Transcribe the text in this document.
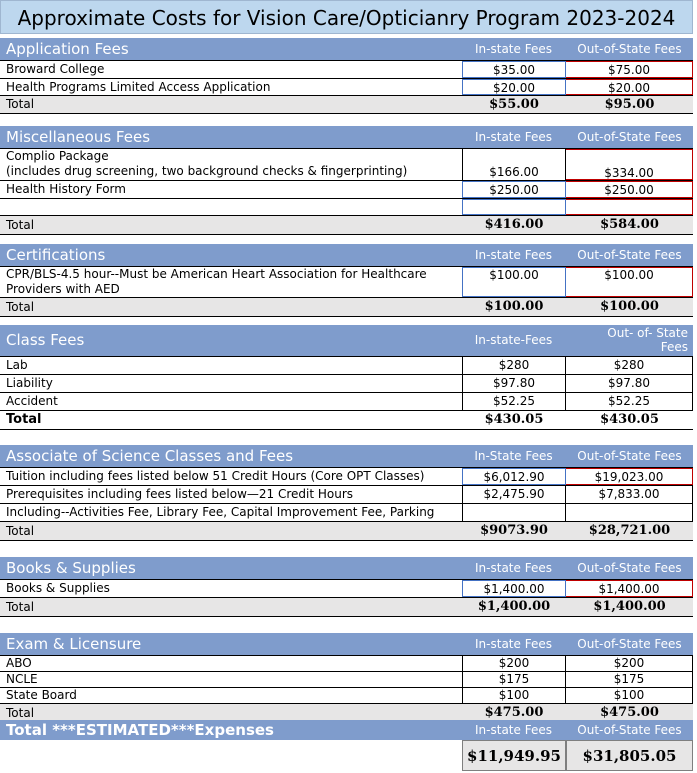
Approximate Costs for Vision Care/Opticianry Program 2023-2024
Application Fees	In-state Fees	Out-of-State Fees
Broward College	$35.00	$75.00
Health Programs Limited Access Application	$20.00	$20.00
Total	$55.00	$95.00
Miscellaneous Fees	In-state Fees	Out-of-State Fees
Complio Package
(includes drug screening, two background checks & fingerprinting)	$166.00	$334.00
Health History Form	$250.00	$250.00
Total	$416.00	$584.00
Certifications	In-state Fees	Out-of-State Fees
CPR/BLS-4.5 hour--Must be American Heart Association for Healthcare
Providers with AED
$100.00	$100.00
Total	$100.00	$100.00
Class Fees	In-state-Fees	Out- of- State
Fees
Lab	$280	$280
Liability	$97.80	$97.80
Accident	$52.25	$52.25
Total	$430.05	$430.05
Associate of Science Classes and Fees	In-State Fees	Out-of-State Fees
Tuition including fees listed below 51 Credit Hours (Core OPT Classes)	$6,012.90	$19,023.00
Prerequisites including fees listed below—21 Credit Hours	$2,475.90	$7,833.00
Including--Activities Fee, Library Fee, Capital Improvement Fee, Parking
Total	$9073.90	$28,721.00
Books & Supplies	In-state Fees	Out-of-State Fees
Books & Supplies	$1,400.00	$1,400.00
Total	$1,400.00	$1,400.00
Exam & Licensure	In-state Fees	Out-of-State Fees
ABO	$200	$200
NCLE	$175	$175
State Board	$100	$100
Total	$475.00	$475.00
Total ***ESTIMATED***Expenses	In-state Fees	Out-of-State Fees
$11,949.95	$31,805.05
